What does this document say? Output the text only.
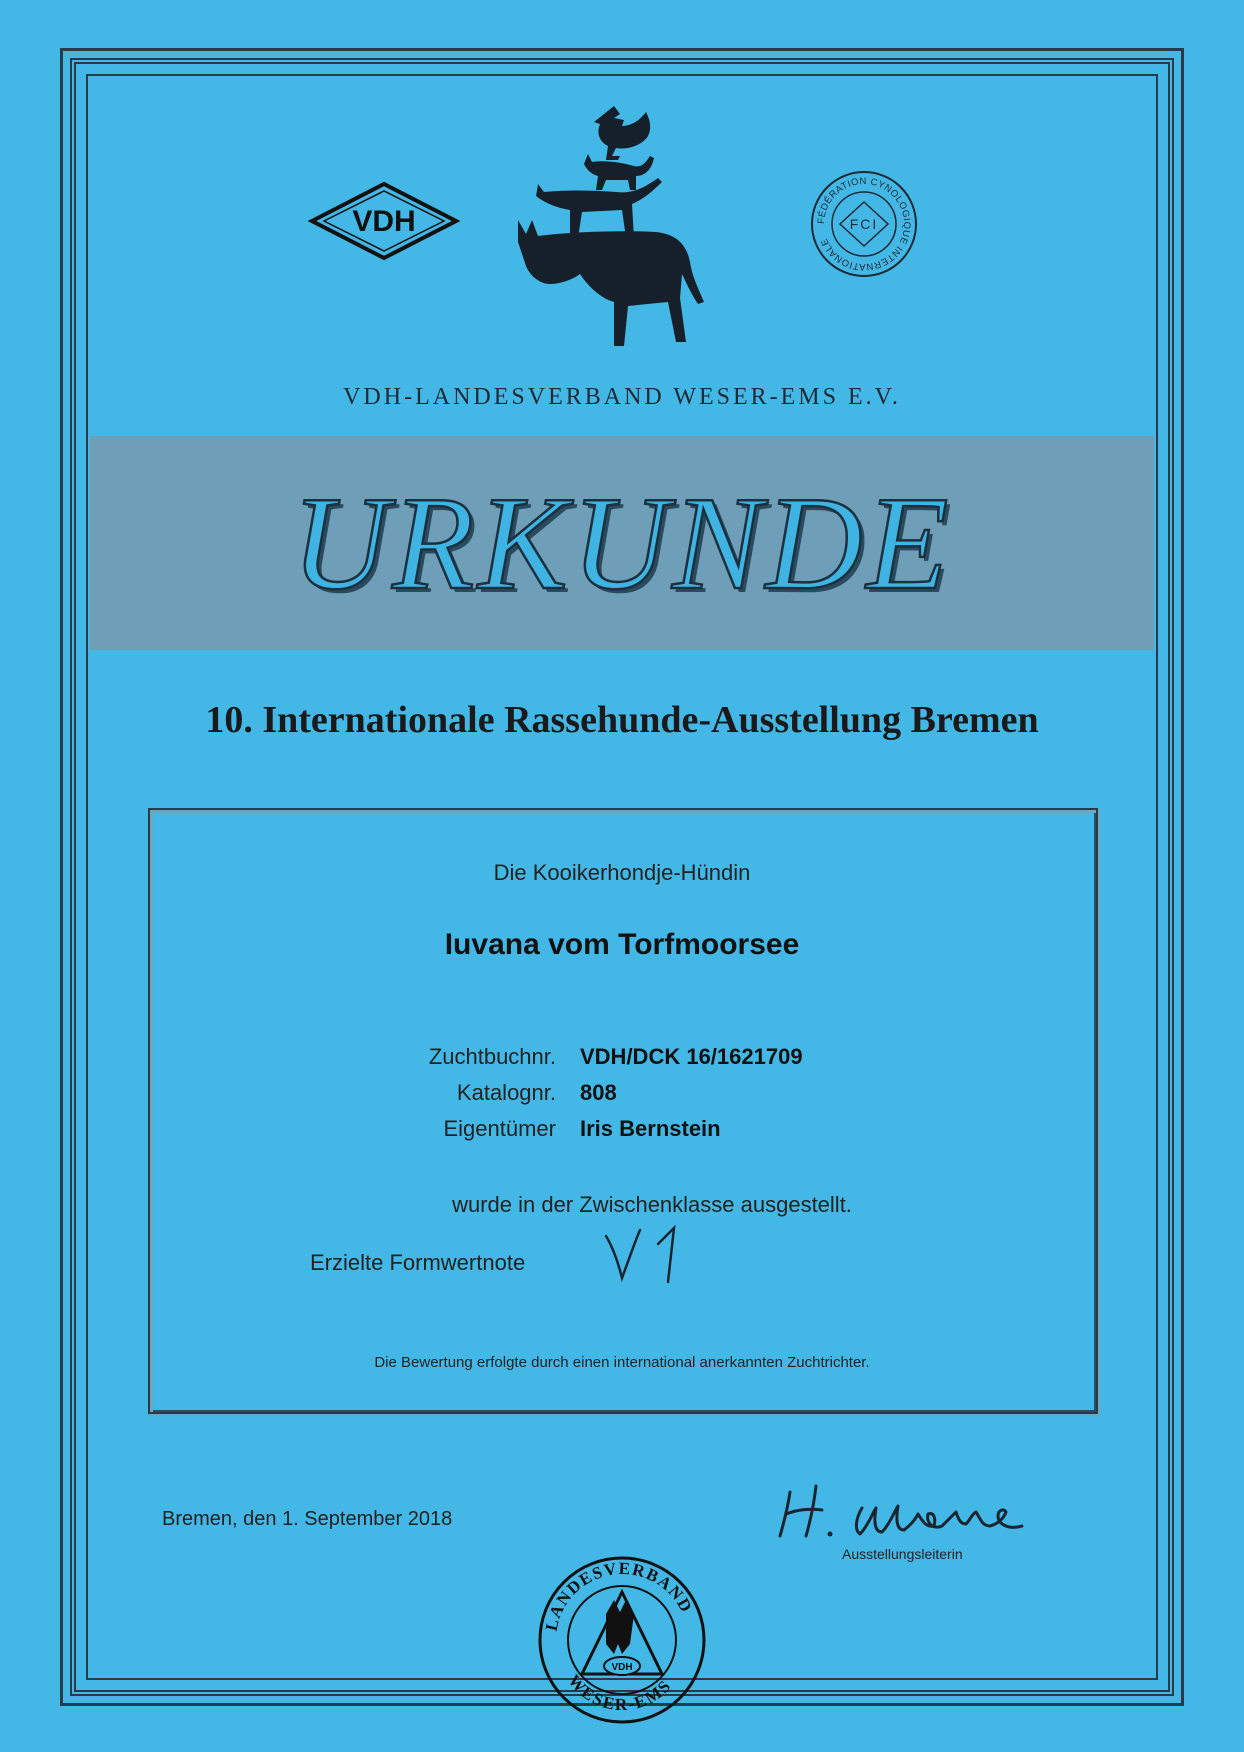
VDH	FÉDÉRATION CYNOLOGIQUE INTERNATIONALE
FCI
VDH-LANDESVERBAND WESER-EMS E.V.
URKUNDE
10. Internationale Rassehunde-Ausstellung Bremen
Die Kooikerhondje-Hündin
Iuvana vom Torfmoorsee
Zuchtbuchnr. VDH/DCK 16/1621709
Katalognr. 808
Eigentümer Iris Bernstein
wurde in der Zwischenklasse ausgestellt.
Erzielte Formwertnote
Die Bewertung erfolgte durch einen international anerkannten Zuchtrichter.
Bremen, den 1. September 2018
Ausstellungsleiterin
LANDESVERBAND
WESER-EMS
VDH
